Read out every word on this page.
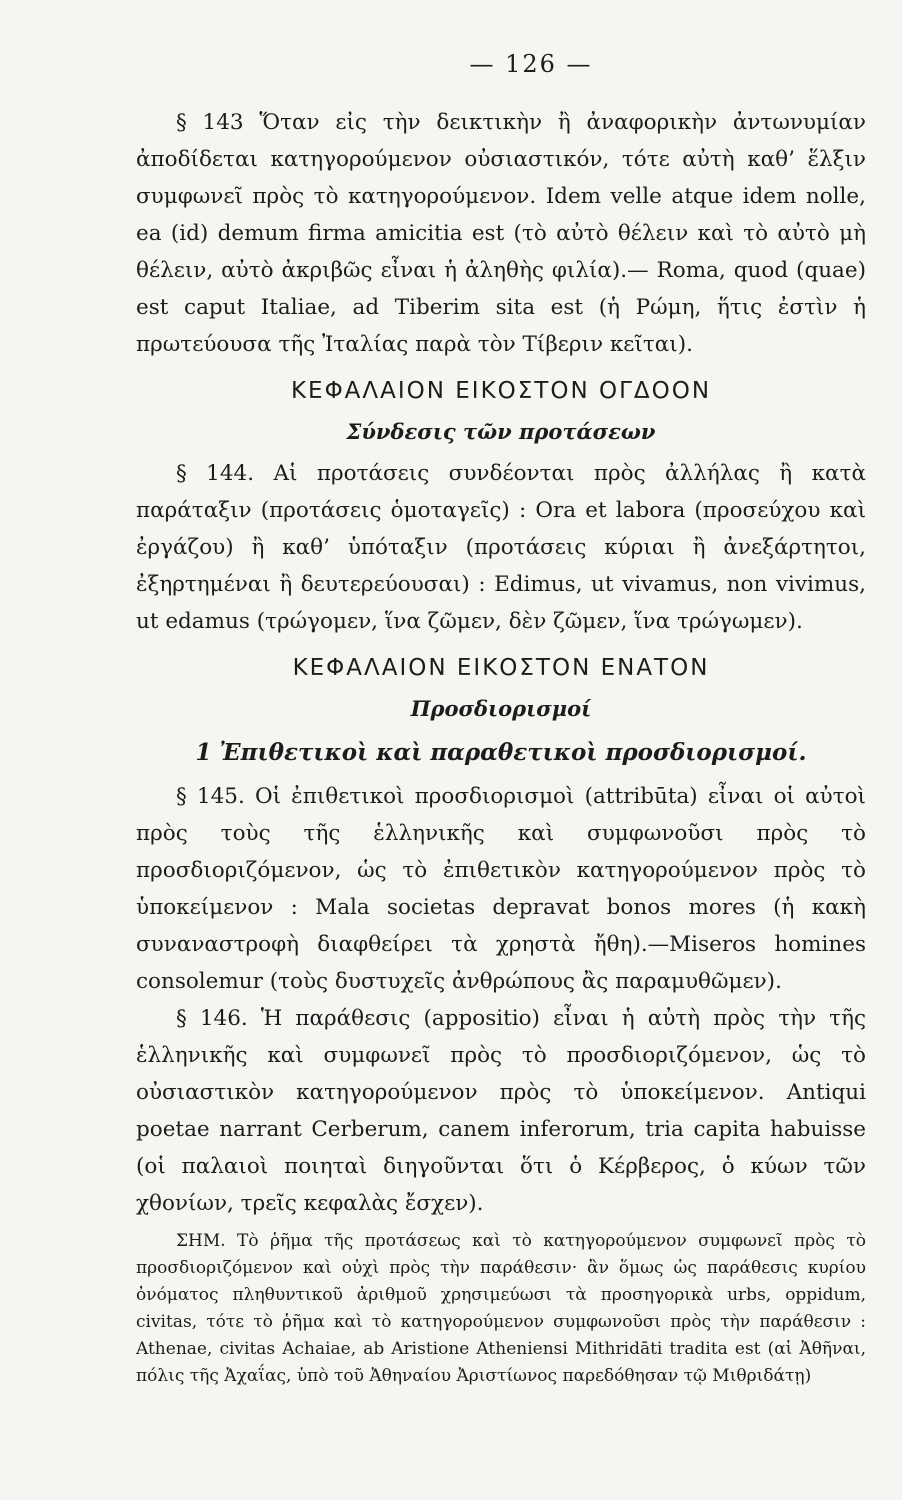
— 126 —

§ 143 Ὅταν εἰς τὴν δεικτικὴν ἢ ἀναφορικὴν ἀντωνυμίαν ἀποδίδεται κατηγορούμενον οὐσιαστικόν, τότε αὐτὴ καθ’ ἕλξιν συμφωνεῖ πρὸς τὸ κατηγορούμενον. Idem velle atque idem nolle, ea (id) demum firma amicitia est (τὸ αὐτὸ θέλειν καὶ τὸ αὐτὸ μὴ θέλειν, αὐτὸ ἀκριβῶς εἶναι ἡ ἀληθὴς φιλία).— Roma, quod (quae) est caput Italiae, ad Tiberim sita est (ἡ Ρώμη, ἥτις ἐστὶν ἡ πρωτεύουσα τῆς Ἰταλίας παρὰ τὸν Τίβεριν κεῖται).

ΚΕΦΑΛΑΙΟΝ ΕΙΚΟΣΤΟΝ ΟΓΔΟΟΝ
Σύνδεσις τῶν προτάσεων

§ 144. Αἱ προτάσεις συνδέονται πρὸς ἀλλήλας ἢ κατὰ παράταξιν (προτάσεις ὁμοταγεῖς) : Ora et labora (προσεύχου καὶ ἐργάζου) ἢ καθ’ ὑπόταξιν (προτάσεις κύριαι ἢ ἀνεξάρτητοι, ἐξηρτημέναι ἢ δευτερεύουσαι) : Edimus, ut vivamus, non vivimus, ut edamus (τρώγομεν, ἵνα ζῶμεν, δὲν ζῶμεν, ἵνα τρώγωμεν).

ΚΕΦΑΛΑΙΟΝ ΕΙΚΟΣΤΟΝ ΕΝΑΤΟΝ
Προσδιορισμοί
1 Ἐπιθετικοὶ καὶ παραθετικοὶ προσδιορισμοί.

§ 145. Οἱ ἐπιθετικοὶ προσδιορισμοὶ (attribūta) εἶναι οἱ αὐτοὶ πρὸς τοὺς τῆς ἑλληνικῆς καὶ συμφωνοῦσι πρὸς τὸ προσδιοριζόμενον, ὡς τὸ ἐπιθετικὸν κατηγορούμενον πρὸς τὸ ὑποκείμενον : Mala societas depravat bonos mores (ἡ κακὴ συναναστροφὴ διαφθείρει τὰ χρηστὰ ἤθη).—Miseros homines consolemur (τοὺς δυστυχεῖς ἀνθρώπους ἂς παραμυθῶμεν).

§ 146. Ἡ παράθεσις (appositio) εἶναι ἡ αὐτὴ πρὸς τὴν τῆς ἑλληνικῆς καὶ συμφωνεῖ πρὸς τὸ προσδιοριζόμενον, ὡς τὸ οὐσιαστικὸν κατηγορούμενον πρὸς τὸ ὑποκείμενον. Antiqui poetae narrant Cerberum, canem inferorum, tria capita habuisse (οἱ παλαιοὶ ποιηταὶ διηγοῦνται ὅτι ὁ Κέρβερος, ὁ κύων τῶν χθονίων, τρεῖς κεφαλὰς ἔσχεν).

ΣΗΜ. Τὸ ῥῆμα τῆς προτάσεως καὶ τὸ κατηγορούμενον συμφωνεῖ πρὸς τὸ προσδιοριζόμενον καὶ οὐχὶ πρὸς τὴν παράθεσιν· ἂν ὅμως ὡς παράθεσις κυρίου ὀνόματος πληθυντικοῦ ἀριθμοῦ χρησιμεύωσι τὰ προσηγορικὰ urbs, oppidum, civitas, τότε τὸ ῥῆμα καὶ τὸ κατηγορούμενον συμφωνοῦσι πρὸς τὴν παράθεσιν : Athenae, civitas Achaiae, ab Aristione Atheniensi Mithridāti tradita est (αἱ Ἀθῆναι, πόλις τῆς Ἀχαΐας, ὑπὸ τοῦ Ἀθηναίου Ἀριστίωνος παρεδόθησαν τῷ Μιθριδάτῃ)
